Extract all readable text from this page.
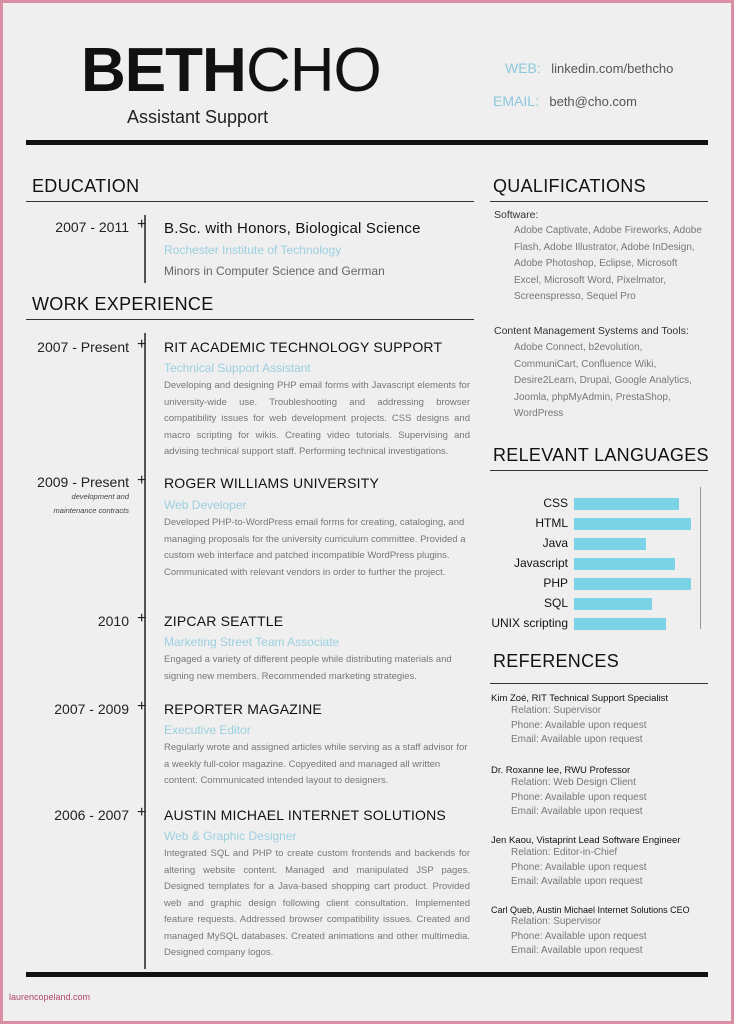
BETH CHO
Assistant Support
WEB: linkedin.com/bethcho
EMAIL: beth@cho.com
EDUCATION
2007 - 2011 + B.Sc. with Honors, Biological Science
Rochester Institute of Technology
Minors in Computer Science and German
WORK EXPERIENCE
2007 - Present + RIT ACADEMIC TECHNOLOGY SUPPORT
Technical Support Assistant
Developing and designing PHP email forms with Javascript elements for university-wide use. Troubleshooting and addressing browser compatibility issues for web development projects. CSS designs and macro scripting for wikis. Creating video tutorials. Supervising and advising technical support staff. Performing technical investigations.
2009 - Present
development and
maintenance contracts
+ ROGER WILLIAMS UNIVERSITY
Web Developer
Developed PHP-to-WordPress email forms for creating, cataloging, and managing proposals for the university curriculum committee. Provided a custom web interface and patched incompatible WordPress plugins. Communicated with relevant vendors in order to further the project.
2010 + ZIPCAR SEATTLE
Marketing Street Team Associate
Engaged a variety of different people while distributing materials and signing new members. Recommended marketing strategies.
2007 - 2009 + REPORTER MAGAZINE
Executive Editor
Regularly wrote and assigned articles while serving as a staff advisor for a weekly full-color magazine. Copyedited and managed all written content. Communicated intended layout to designers.
2006 - 2007 + AUSTIN MICHAEL INTERNET SOLUTIONS
Web & Graphic Designer
Integrated SQL and PHP to create custom frontends and backends for altering website content. Managed and manipulated JSP pages. Designed templates for a Java-based shopping cart product. Provided web and graphic design following client consultation. Implemented feature requests. Addressed browser compatibility issues. Created and managed MySQL databases. Created animations and other multimedia. Designed company logos.
QUALIFICATIONS
Software:
Adobe Captivate, Adobe Fireworks, Adobe Flash, Adobe Illustrator, Adobe InDesign, Adobe Photoshop, Eclipse, Microsoft Excel, Microsoft Word, Pixelmator, Screenspresso, Sequel Pro
Content Management Systems and Tools:
Adobe Connect, b2evolution, CommuniCart, Confluence Wiki, Desire2Learn, Drupal, Google Analytics, Joomla, phpMyAdmin, PrestaShop, WordPress
RELEVANT LANGUAGES
CSS
HTML
Java
Javascript
PHP
SQL
UNIX scripting
REFERENCES
Kim Zoé, RIT Technical Support Specialist
Relation: Supervisor
Phone: Available upon request
Email: Available upon request
Dr. Roxanne lee, RWU Professor
Relation: Web Design Client
Phone: Available upon request
Email: Available upon request
Jen Kaou, Vistaprint Lead Software Engineer
Relation: Editor-in-Chief
Phone: Available upon request
Email: Available upon request
Carl Queb, Austin Michael Internet Solutions CEO
Relation: Supervisor
Phone: Available upon request
Email: Available upon request
laurencopeland.com
